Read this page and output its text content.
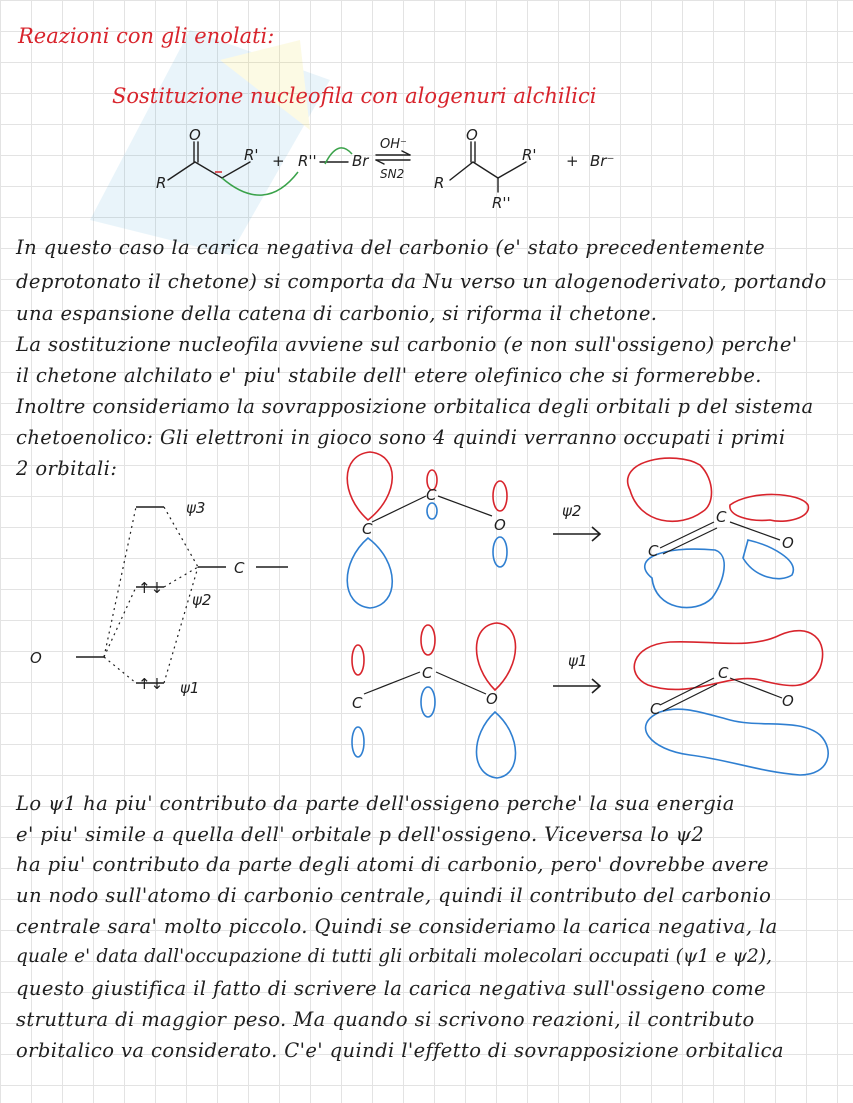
Reazioni con gli enolati:
Sostituzione nucleofila con alogenuri alchilici
O
R
R' + R'' Br
OH⁻
SN2
O
R
R'
R''
+ Br⁻
In questo caso la carica negativa del carbonio (e' stato precedentemente
deprotonato il chetone) si comporta da Nu verso un alogenoderivato, portando
una espansione della catena di carbonio, si riforma il chetone.
La sostituzione nucleofila avviene sul carbonio (e non sull'ossigeno) perche'
il chetone alchilato e' piu' stabile dell' etere olefinico che si formerebbe.
Inoltre consideriamo la sovrapposizione orbitalica degli orbitali p del sistema
chetoenolico: Gli elettroni in gioco sono 4 quindi verranno occupati i primi
2 orbitali:
ψ3
ψ2
ψ1
O
C
↑↓
↑↓
C
C
O
ψ2
C
C
O
C
C
O
ψ1
C
C
O
Lo ψ1 ha piu' contributo da parte dell'ossigeno perche' la sua energia
e' piu' simile a quella dell' orbitale p dell'ossigeno. Viceversa lo ψ2
ha piu' contributo da parte degli atomi di carbonio, pero' dovrebbe avere
un nodo sull'atomo di carbonio centrale, quindi il contributo del carbonio
centrale sara' molto piccolo. Quindi se consideriamo la carica negativa, la
quale e' data dall'occupazione di tutti gli orbitali molecolari occupati (ψ1 e ψ2),
questo giustifica il fatto di scrivere la carica negativa sull'ossigeno come
struttura di maggior peso. Ma quando si scrivono reazioni, il contributo
orbitalico va considerato. C'e' quindi l'effetto di sovrapposizione orbitalica
